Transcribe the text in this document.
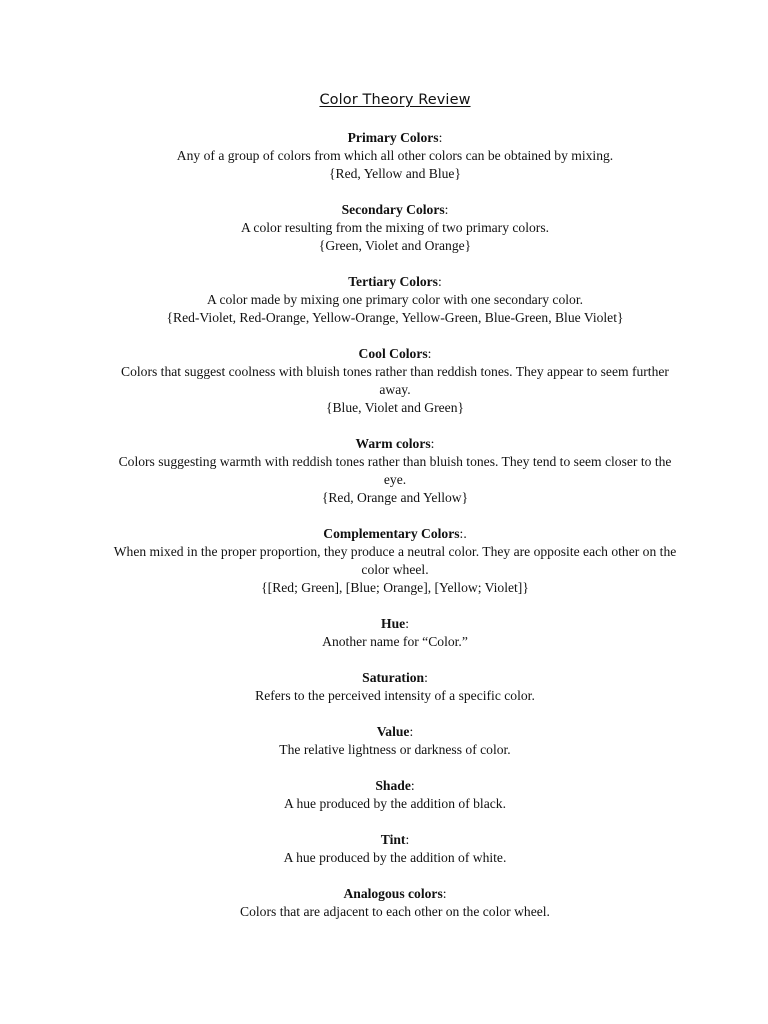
Color Theory Review
Primary Colors:
Any of a group of colors from which all other colors can be obtained by mixing.
{Red, Yellow and Blue}
Secondary Colors:
A color resulting from the mixing of two primary colors.
{Green, Violet and Orange}
Tertiary Colors:
A color made by mixing one primary color with one secondary color.
{Red-Violet, Red-Orange, Yellow-Orange, Yellow-Green, Blue-Green, Blue Violet}
Cool Colors:
Colors that suggest coolness with bluish tones rather than reddish tones. They appear to seem further away.
{Blue, Violet and Green}
Warm colors:
Colors suggesting warmth with reddish tones rather than bluish tones. They tend to seem closer to the eye.
{Red, Orange and Yellow}
Complementary Colors:.
When mixed in the proper proportion, they produce a neutral color. They are opposite each other on the color wheel.
{[Red; Green], [Blue; Orange], [Yellow; Violet]}
Hue:
Another name for “Color.”
Saturation:
Refers to the perceived intensity of a specific color.
Value:
The relative lightness or darkness of color.
Shade:
A hue produced by the addition of black.
Tint:
A hue produced by the addition of white.
Analogous colors:
Colors that are adjacent to each other on the color wheel.
